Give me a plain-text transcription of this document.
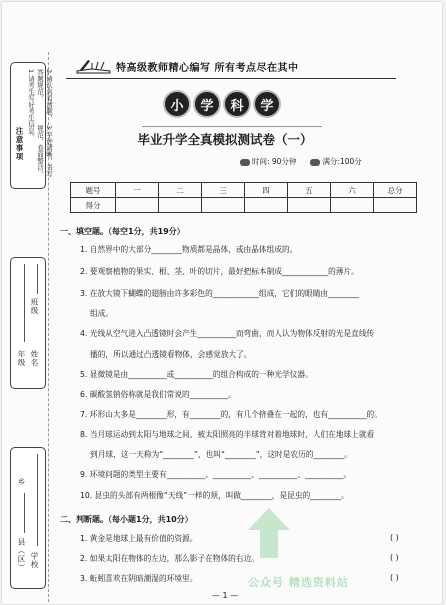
注意事项
1.请考生写好考生信息。	2.请认真看清题，答题规范。
3.字迹清晰，书写规范，卷面整洁。
年级 姓名
班级
县（区） 学校
乡
特高级教师精心编写 所有考点尽在其中
小	学	科	学
毕业升学全真模拟测试卷（一）
时间: 90分钟	满分:100分
题号	一	二	三	四	五	六	总分
得分							
一、填空题。（每空1分，共19分）
1. 自然界中的大部分________物质都是晶体，或由晶体组成的。
2. 要观察植物的果实、根、茎、叶的切片，最好把标本制成____________的薄片。
3. 在放大镜下蝴蝶的翅膀由许多彩色的____________组成，它们的眼睛由________
组成。
4. 光线从空气进入凸透镜时会产生__________而弯曲，而人认为物体反射的光是直线传
播的，所以通过凸透镜看物体，会感觉放大了。
5. 显微镜是由__________或__________的组合构成的一种光学仪器。
6. 碳酸氢钠俗称就是我们常说的__________。
7. 环形山大多是________形，有________的，有几个挤叠在一起的，也有__________的。
8. 当月球运动到太阳与地球之间，被太阳照亮的半球背对着地球时，人们在地球上就看
到月球，这一天称为“________”，也叫“________”，这时是农历的________。
9. 环境问题的类型主要有__________、__________、__________、__________。
10. 昆虫的头部有两根像“天线”一样的须，叫做________，是昆虫的________。
二、判断题。（每小题1分，共10分）
1. 黄金是地球上最有价值的资源。	( )
2. 如果太阳在物体的左边，那么影子在物体的右边。	( )
3. 蚯蚓喜欢在阴暗潮湿的环境里。	( )
公众号 精选资料站
— 1 —
